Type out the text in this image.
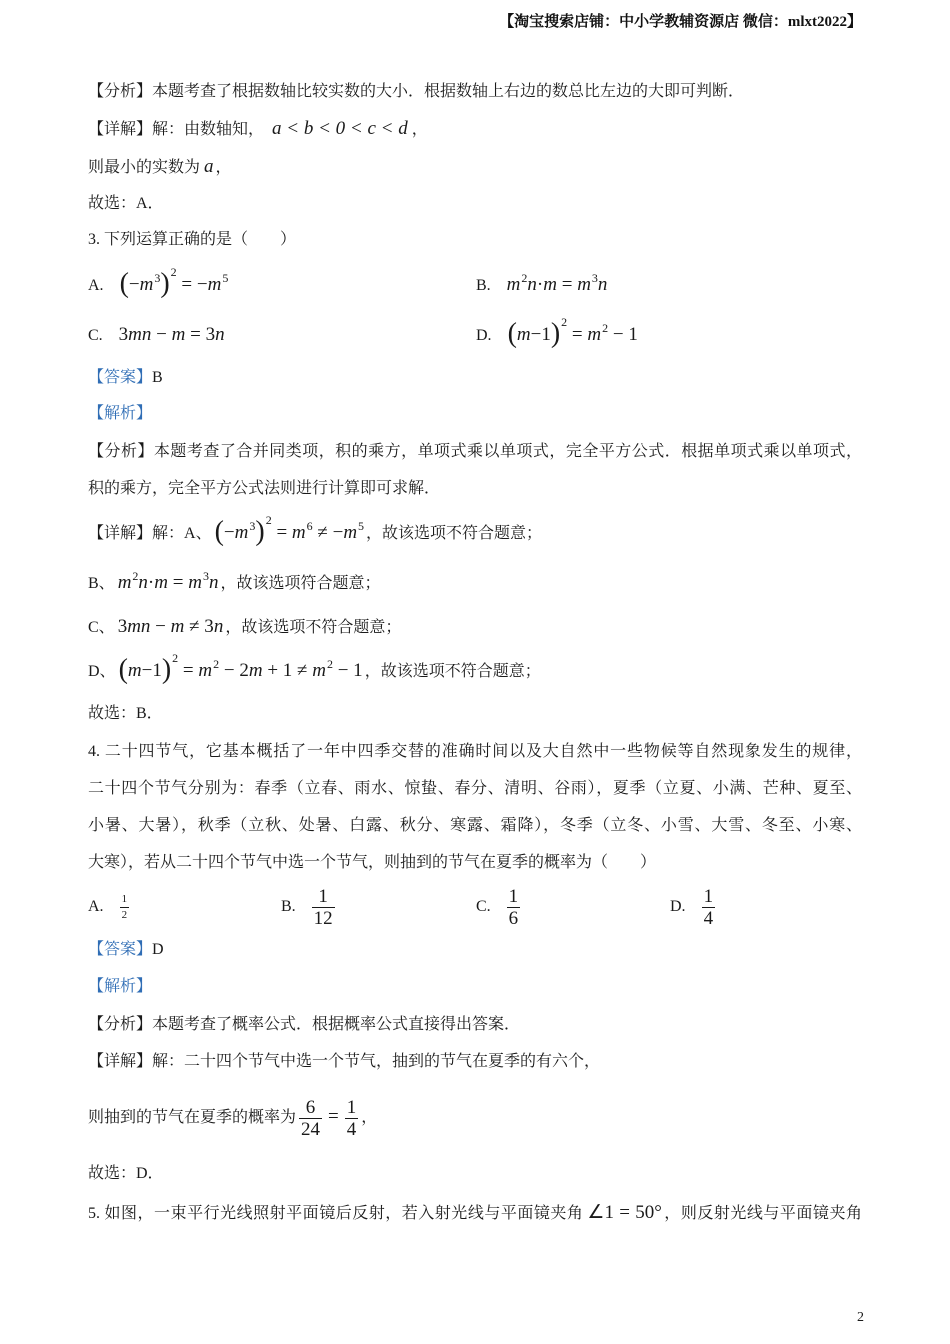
【淘宝搜索店铺：中小学教辅资源店 微信：mlxt2022】
【分析】本题考查了根据数轴比较实数的大小．根据数轴上右边的数总比左边的大即可判断．
【详解】解：由数轴知， a < b < 0 < c < d ，
则最小的实数为 a ，
故选：A．
3. 下列运算正确的是（　　）
A. $(-m^3)^2 = -m^5$	B. $m^2n\cdot m = m^3n$
C. 3mn − m = 3n	D. $(m-1)^2 = m^2 - 1$
【答案】B
【解析】
【分析】本题考查了合并同类项，积的乘方，单项式乘以单项式，完全平方公式．根据单项式乘以单项式，
积的乘方，完全平方公式法则进行计算即可求解．
【详解】解：A、 $(-m^3)^2 = m^6 \ne -m^5$ ，故该选项不符合题意；
B、 $m^2n\cdot m = m^3n$ ，故该选项符合题意；
C、 3mn − m ≠ 3n ，故该选项不符合题意；
D、 $(m-1)^2 = m^2 - 2m + 1 \ne m^2 - 1$ ，故该选项不符合题意；
故选：B．
4. 二十四节气，它基本概括了一年中四季交替的准确时间以及大自然中一些物候等自然现象发生的规律，
二十四个节气分别为：春季（立春、雨水、惊蛰、春分、清明、谷雨），夏季（立夏、小满、芒种、夏至、
小暑、大暑），秋季（立秋、处暑、白露、秋分、寒露、霜降），冬季（立冬、小雪、大雪、冬至、小寒、
大寒），若从二十四个节气中选一个节气，则抽到的节气在夏季的概率为（　　）
A. $\frac{1}{2}$	B. $\frac{1}{12}$	C. $\frac{1}{6}$	D. $\frac{1}{4}$
【答案】D
【解析】
【分析】本题考查了概率公式．根据概率公式直接得出答案．
【详解】解：二十四个节气中选一个节气，抽到的节气在夏季的有六个，
则抽到的节气在夏季的概率为 $\frac{6}{24} = \frac{1}{4}$ ，
故选：D．
5. 如图，一束平行光线照射平面镜后反射，若入射光线与平面镜夹角 ∠1 = 50° ，则反射光线与平面镜夹角
2
